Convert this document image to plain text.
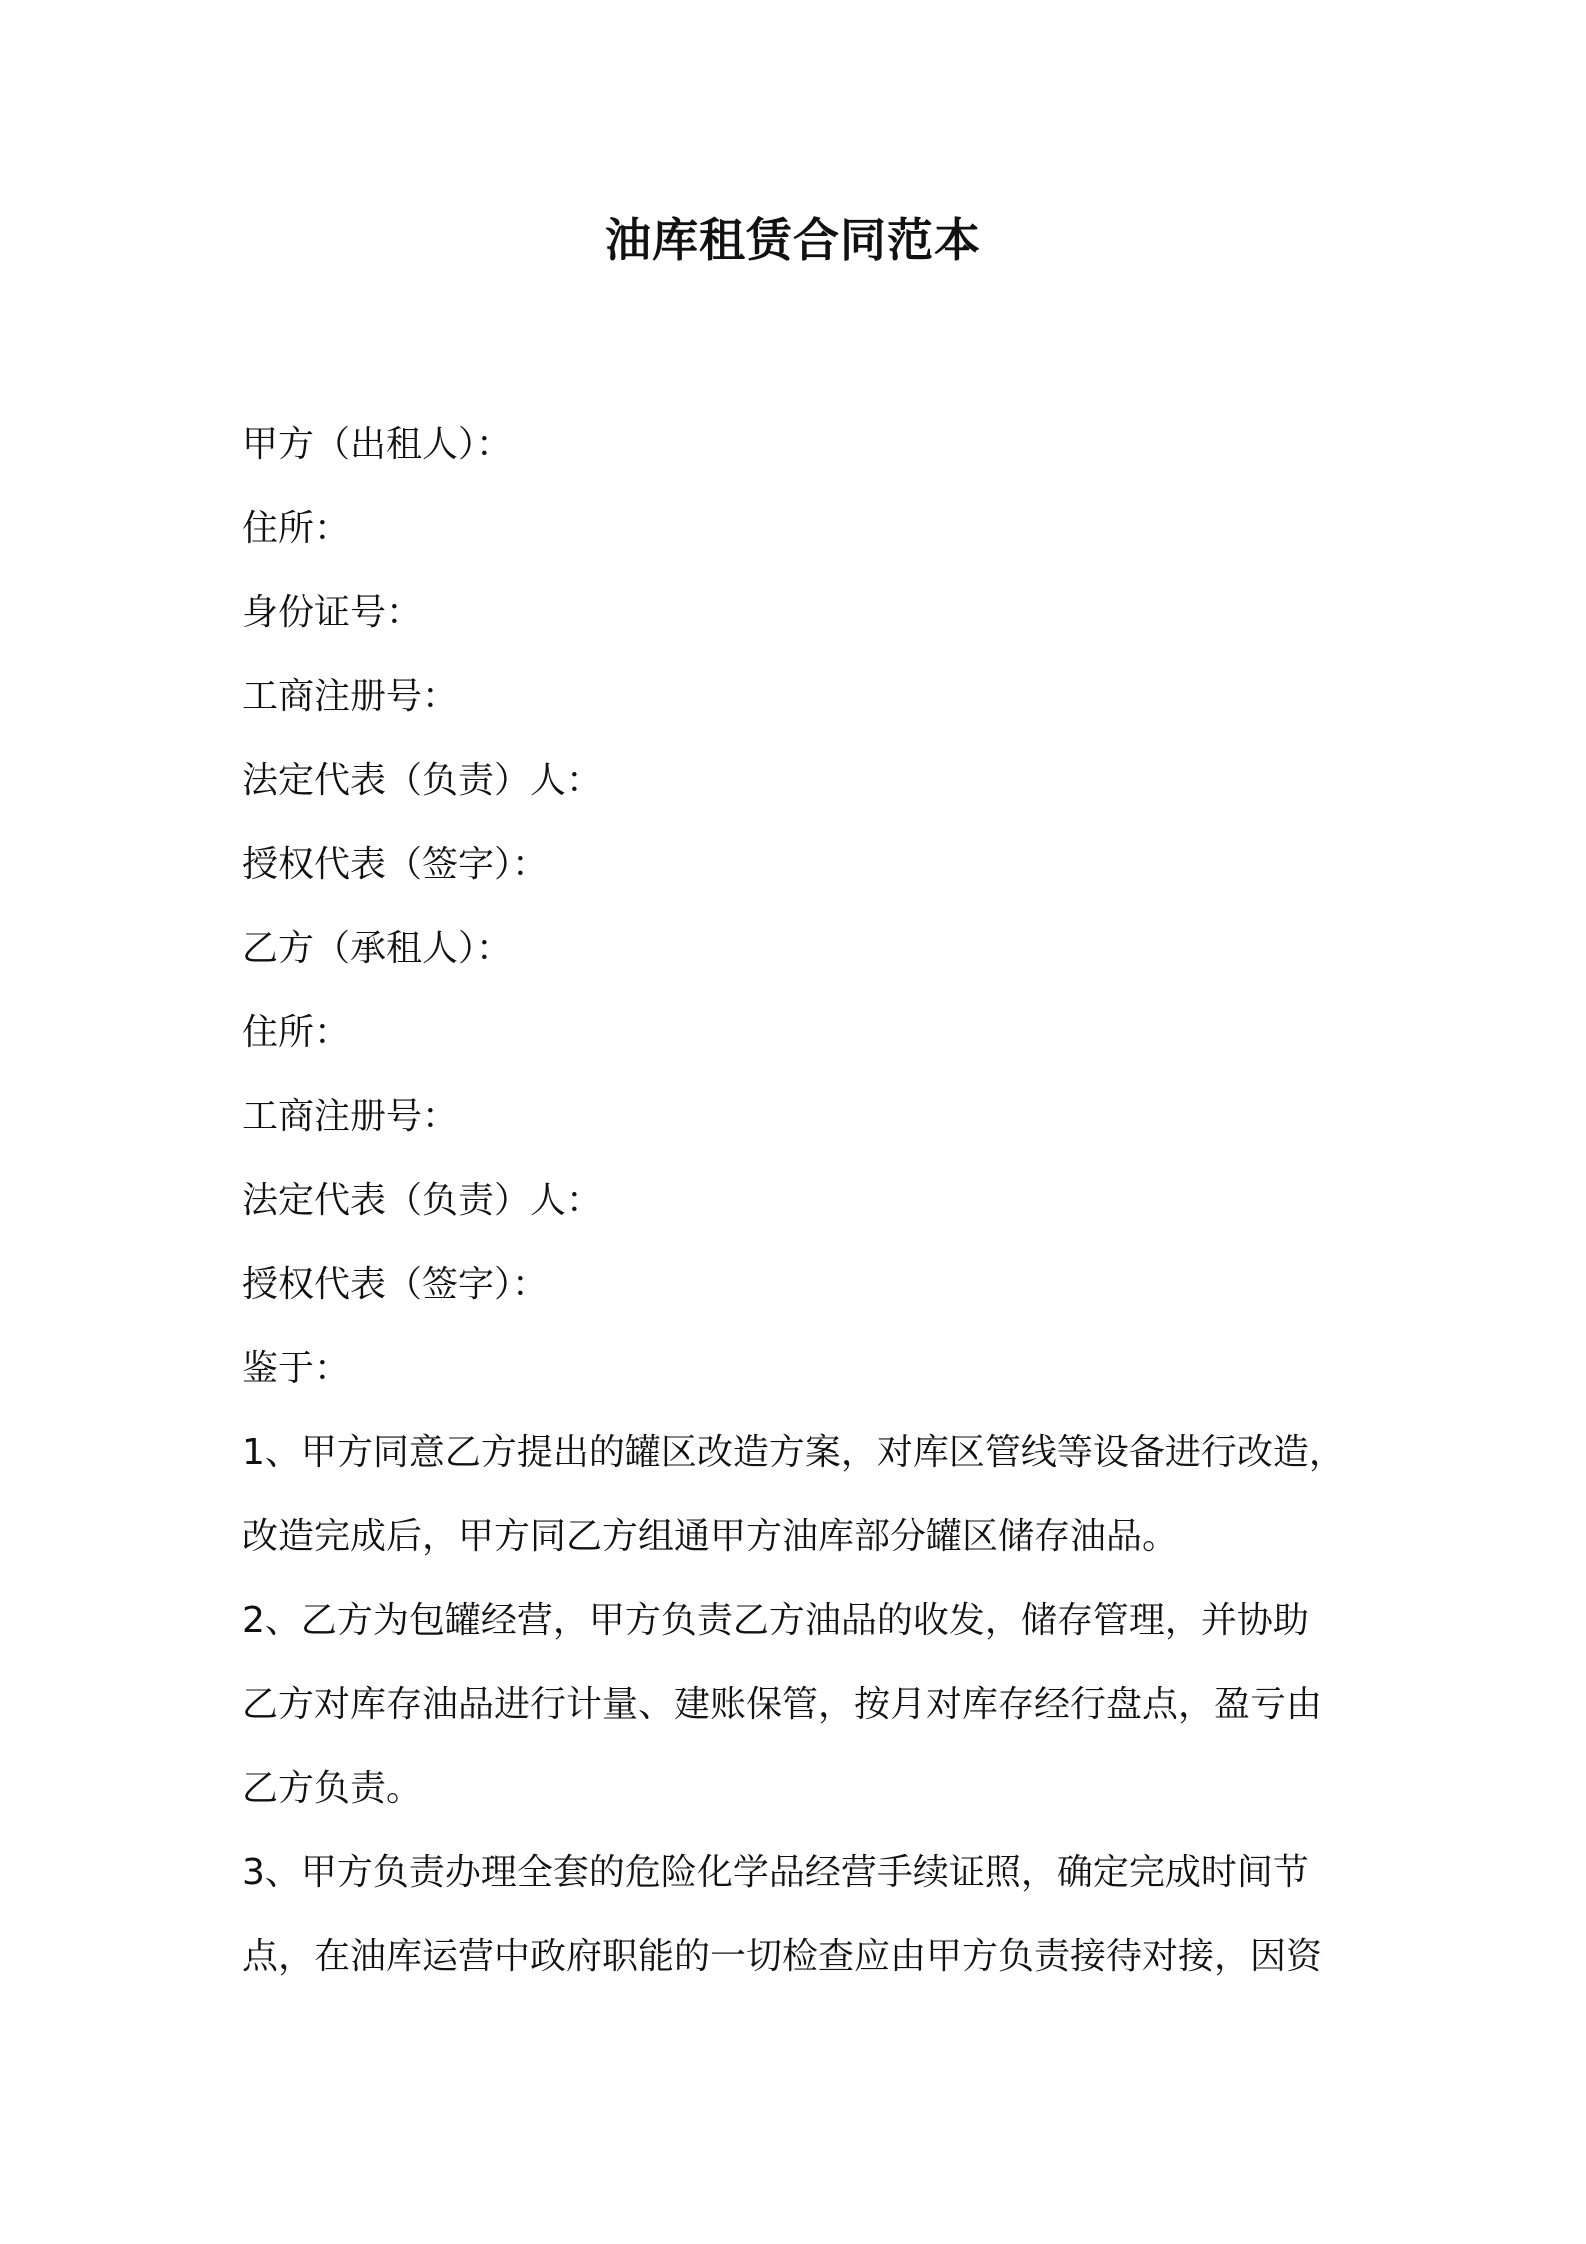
油库租赁合同范本
甲方（出租人）：
住所：
身份证号：
工商注册号：
法定代表（负责）人：
授权代表（签字）：
乙方（承租人）：
住所：
工商注册号：
法定代表（负责）人：
授权代表（签字）：
鉴于：
1、甲方同意乙方提出的罐区改造方案，对库区管线等设备进行改造，
改造完成后，甲方同乙方组通甲方油库部分罐区储存油品。
2、乙方为包罐经营，甲方负责乙方油品的收发，储存管理，并协助
乙方对库存油品进行计量、建账保管，按月对库存经行盘点，盈亏由
乙方负责。
3、甲方负责办理全套的危险化学品经营手续证照，确定完成时间节
点，在油库运营中政府职能的一切检查应由甲方负责接待对接，因资
